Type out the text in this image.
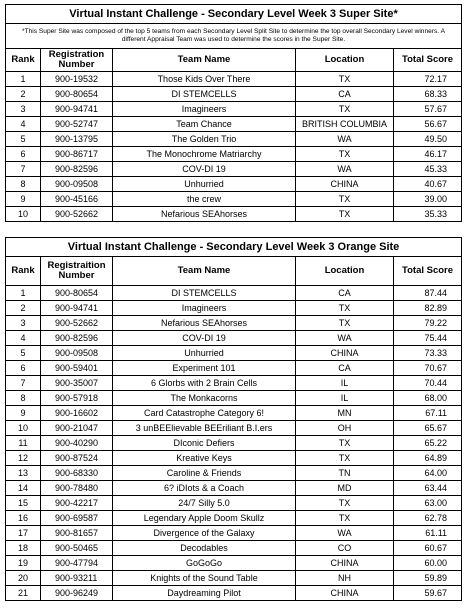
Virtual Instant Challenge - Secondary Level Week 3 Super Site*				
*This Super Site was composed of the top 5 teams from each Secondary Level Split Site to determine the top overall Secondary Level winners. A different Appraisal Team was used to determine the scores in the Super Site.				
Rank	Registration Number	Team Name	Location	Total Score
1	900-19532	Those Kids Over There	TX	72.17
2	900-80654	DI STEMCELLS	CA	68.33
3	900-94741	Imagineers	TX	57.67
4	900-52747	Team Chance	BRITISH COLUMBIA	56.67
5	900-13795	The Golden Trio	WA	49.50
6	900-86717	The Monochrome Matriarchy	TX	46.17
7	900-82596	COV-DI 19	WA	45.33
8	900-09508	Unhurried	CHINA	40.67
9	900-45166	the crew	TX	39.00
10	900-52662	Nefarious SEAhorses	TX	35.33
Virtual Instant Challenge - Secondary Level Week 3 Orange Site				
Rank	Registraition Number	Team Name	Location	Total Score
1	900-80654	DI STEMCELLS	CA	87.44
2	900-94741	Imagineers	TX	82.89
3	900-52662	Nefarious SEAhorses	TX	79.22
4	900-82596	COV-DI 19	WA	75.44
5	900-09508	Unhurried	CHINA	73.33
6	900-59401	Experiment 101	CA	70.67
7	900-35007	6 Glorbs with 2 Brain Cells	IL	70.44
8	900-57918	The Monkacorns	IL	68.00
9	900-16602	Card Catastrophe Category 6!	MN	67.11
10	900-21047	3 unBEElievable BEEriliant B.I.ers	OH	65.67
11	900-40290	DIconic Defiers	TX	65.22
12	900-87524	Kreative Keys	TX	64.89
13	900-68330	Caroline & Friends	TN	64.00
14	900-78480	6? iDIots & a Coach	MD	63.44
15	900-42217	24/7 Silly 5.0	TX	63.00
16	900-69587	Legendary Apple Doom Skullz	TX	62.78
17	900-81657	Divergence of the Galaxy	WA	61.11
18	900-50465	Decodables	CO	60.67
19	900-47794	GoGoGo	CHINA	60.00
20	900-93211	Knights of the Sound Table	NH	59.89
21	900-96249	Daydreaming Pilot	CHINA	59.67
